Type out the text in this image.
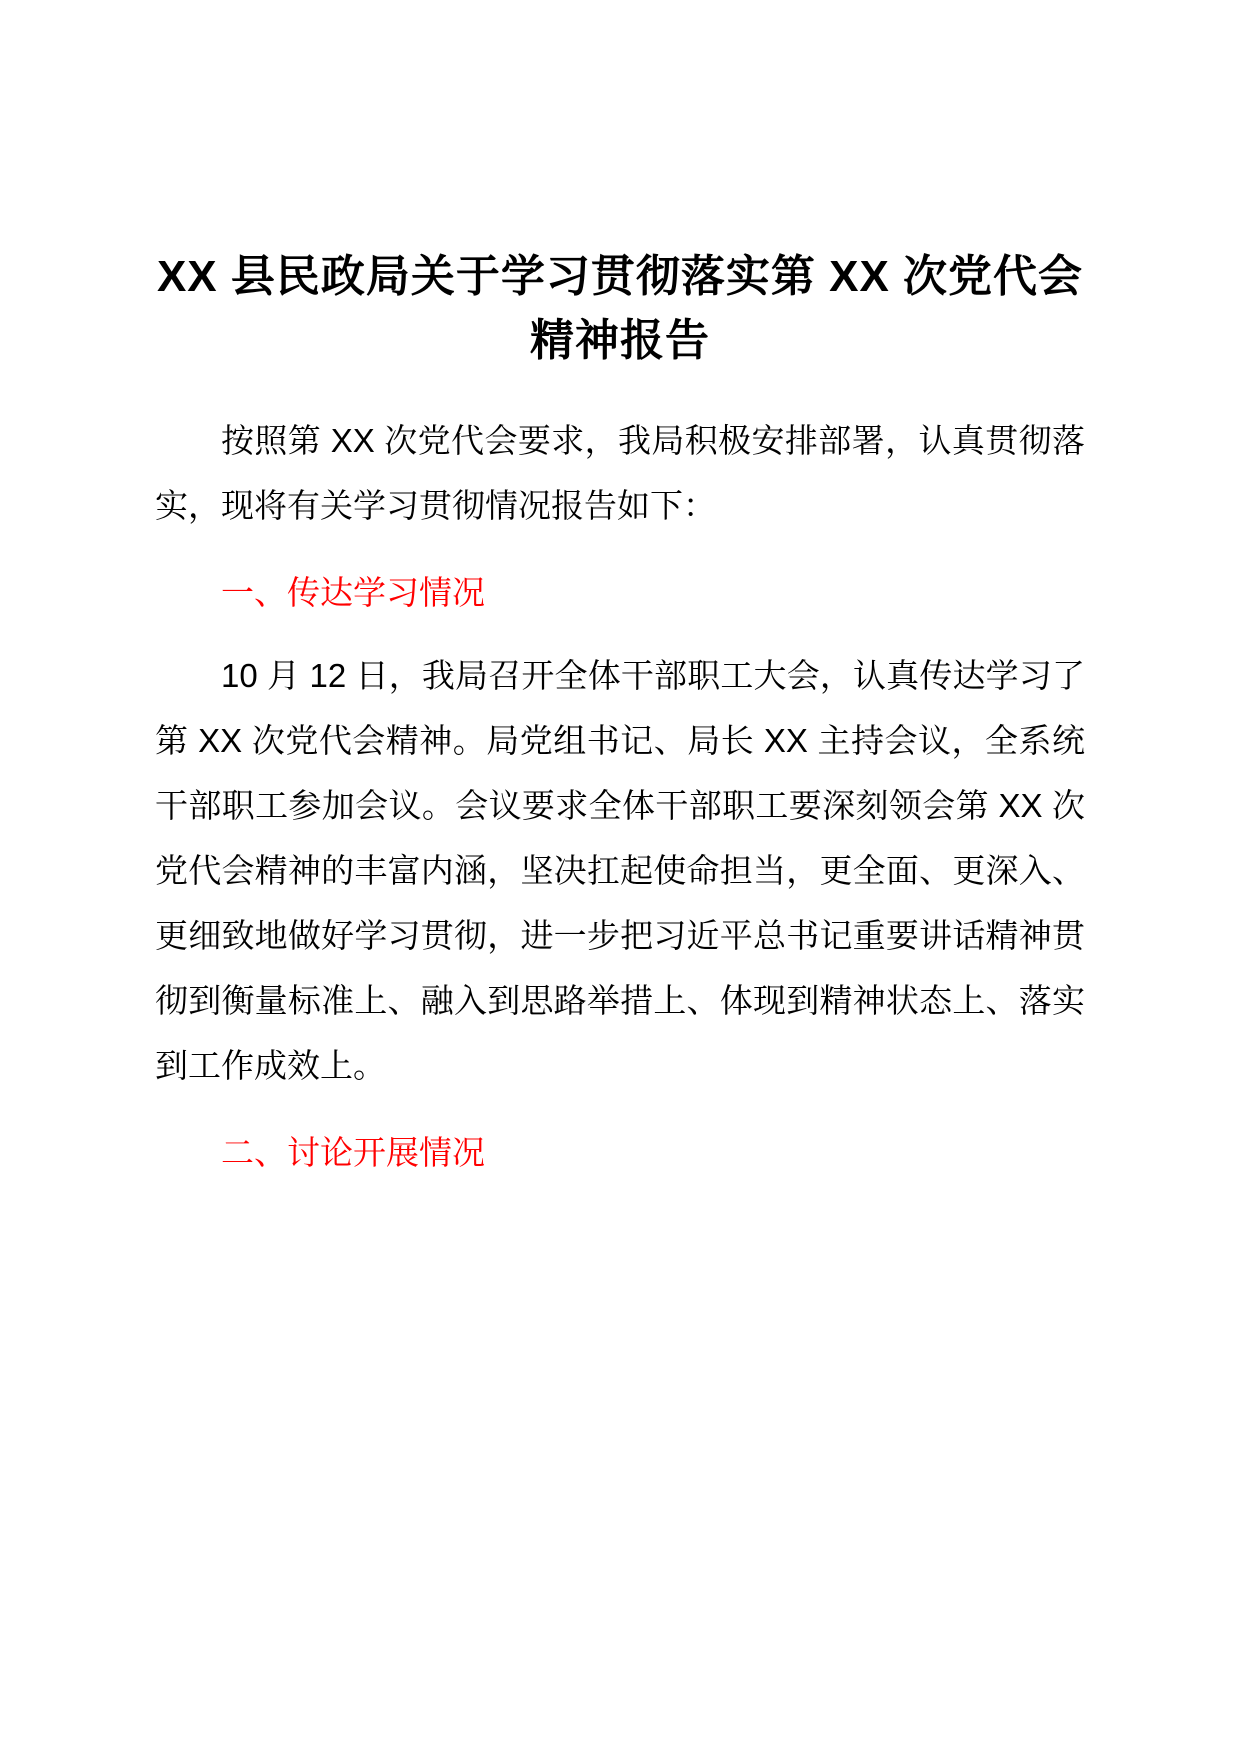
XX 县民政局关于学习贯彻落实第 XX 次党代会精神报告

按照第 XX 次党代会要求，我局积极安排部署，认真贯彻落实，现将有关学习贯彻情况报告如下：

一、传达学习情况

10 月 12 日，我局召开全体干部职工大会，认真传达学习了第 XX 次党代会精神。局党组书记、局长 XX 主持会议，全系统干部职工参加会议。会议要求全体干部职工要深刻领会第 XX 次党代会精神的丰富内涵，坚决扛起使命担当，更全面、更深入、更细致地做好学习贯彻，进一步把习近平总书记重要讲话精神贯彻到衡量标准上、融入到思路举措上、体现到精神状态上、落实到工作成效上。

二、讨论开展情况
